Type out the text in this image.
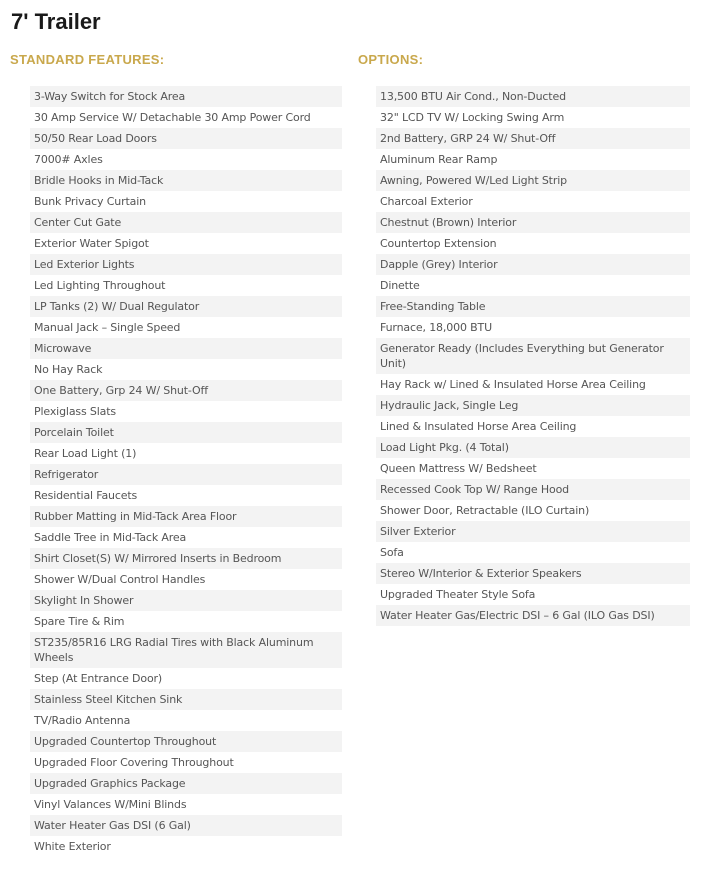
7' Trailer
STANDARD FEATURES:
3-Way Switch for Stock Area
30 Amp Service W/ Detachable 30 Amp Power Cord
50/50 Rear Load Doors
7000# Axles
Bridle Hooks in Mid-Tack
Bunk Privacy Curtain
Center Cut Gate
Exterior Water Spigot
Led Exterior Lights
Led Lighting Throughout
LP Tanks (2) W/ Dual Regulator
Manual Jack – Single Speed
Microwave
No Hay Rack
One Battery, Grp 24 W/ Shut-Off
Plexiglass Slats
Porcelain Toilet
Rear Load Light (1)
Refrigerator
Residential Faucets
Rubber Matting in Mid-Tack Area Floor
Saddle Tree in Mid-Tack Area
Shirt Closet(S) W/ Mirrored Inserts in Bedroom
Shower W/Dual Control Handles
Skylight In Shower
Spare Tire & Rim
ST235/85R16 LRG Radial Tires with Black Aluminum Wheels
Step (At Entrance Door)
Stainless Steel Kitchen Sink
TV/Radio Antenna
Upgraded Countertop Throughout
Upgraded Floor Covering Throughout
Upgraded Graphics Package
Vinyl Valances W/Mini Blinds
Water Heater Gas DSI (6 Gal)
White Exterior
OPTIONS:
13,500 BTU Air Cond., Non-Ducted
32" LCD TV W/ Locking Swing Arm
2nd Battery, GRP 24 W/ Shut-Off
Aluminum Rear Ramp
Awning, Powered W/Led Light Strip
Charcoal Exterior
Chestnut (Brown) Interior
Countertop Extension
Dapple (Grey) Interior
Dinette
Free-Standing Table
Furnace, 18,000 BTU
Generator Ready (Includes Everything but Generator Unit)
Hay Rack w/ Lined & Insulated Horse Area Ceiling
Hydraulic Jack, Single Leg
Lined & Insulated Horse Area Ceiling
Load Light Pkg. (4 Total)
Queen Mattress W/ Bedsheet
Recessed Cook Top W/ Range Hood
Shower Door, Retractable (ILO Curtain)
Silver Exterior
Sofa
Stereo W/Interior & Exterior Speakers
Upgraded Theater Style Sofa
Water Heater Gas/Electric DSI – 6 Gal (ILO Gas DSI)
